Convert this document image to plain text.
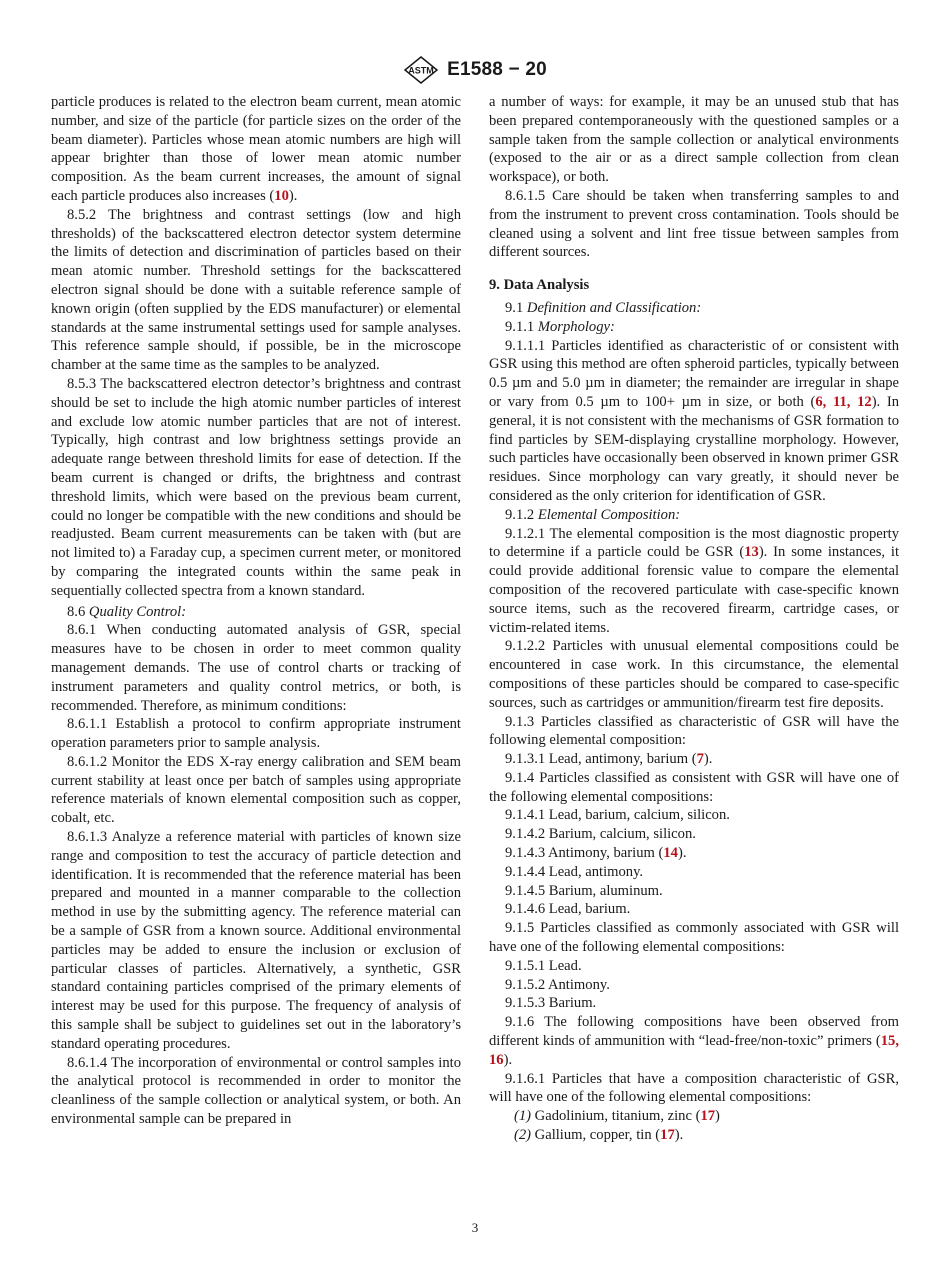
ASTM E1588 − 20

particle produces is related to the electron beam current, mean atomic number, and size of the particle (for particle sizes on the order of the beam diameter). Particles whose mean atomic numbers are high will appear brighter than those of lower mean atomic number composition. As the beam current increases, the amount of signal each particle produces also increases (10).

8.5.2 The brightness and contrast settings (low and high thresholds) of the backscattered electron detector system determine the limits of detection and discrimination of particles based on their mean atomic number. Threshold settings for the backscattered electron signal should be done with a suitable reference sample of known origin (often supplied by the EDS manufacturer) or elemental standards at the same instrumental settings used for sample analyses. This reference sample should, if possible, be in the microscope chamber at the same time as the samples to be analyzed.

8.5.3 The backscattered electron detector’s brightness and contrast should be set to include the high atomic number particles of interest and exclude low atomic number particles that are not of interest. Typically, high contrast and low brightness settings provide an adequate range between threshold limits for ease of detection. If the beam current is changed or drifts, the brightness and contrast threshold limits, which were based on the previous beam current, could no longer be compatible with the new conditions and should be readjusted. Beam current measurements can be taken with (but are not limited to) a Faraday cup, a specimen current meter, or monitored by comparing the integrated counts within the same peak in sequentially collected spectra from a known standard.

8.6 Quality Control:

8.6.1 When conducting automated analysis of GSR, special measures have to be chosen in order to meet common quality management demands. The use of control charts or tracking of instrument parameters and quality control metrics, or both, is recommended. Therefore, as minimum conditions:

8.6.1.1 Establish a protocol to confirm appropriate instrument operation parameters prior to sample analysis.

8.6.1.2 Monitor the EDS X-ray energy calibration and SEM beam current stability at least once per batch of samples using appropriate reference materials of known elemental composition such as copper, cobalt, etc.

8.6.1.3 Analyze a reference material with particles of known size range and composition to test the accuracy of particle detection and identification. It is recommended that the reference material has been prepared and mounted in a manner comparable to the collection method in use by the submitting agency. The reference material can be a sample of GSR from a known source. Additional environmental particles may be added to ensure the inclusion or exclusion of particular classes of particles. Alternatively, a synthetic, GSR standard containing particles comprised of the primary elements of interest may be used for this purpose. The frequency of analysis of this sample shall be subject to guidelines set out in the laboratory’s standard operating procedures.

8.6.1.4 The incorporation of environmental or control samples into the analytical protocol is recommended in order to monitor the cleanliness of the sample collection or analytical system, or both. An environmental sample can be prepared in

a number of ways: for example, it may be an unused stub that has been prepared contemporaneously with the questioned samples or a sample taken from the sample collection or analytical environments (exposed to the air or as a direct sample collection from clean workspace), or both.

8.6.1.5 Care should be taken when transferring samples to and from the instrument to prevent cross contamination. Tools should be cleaned using a solvent and lint free tissue between samples from different sources.

9. Data Analysis

9.1 Definition and Classification:

9.1.1 Morphology:

9.1.1.1 Particles identified as characteristic of or consistent with GSR using this method are often spheroid particles, typically between 0.5 µm and 5.0 µm in diameter; the remainder are irregular in shape or vary from 0.5 µm to 100+ µm in size, or both (6, 11, 12). In general, it is not consistent with the mechanisms of GSR formation to find particles by SEM-displaying crystalline morphology. However, such particles have occasionally been observed in known primer GSR residues. Since morphology can vary greatly, it should never be considered as the only criterion for identification of GSR.

9.1.2 Elemental Composition:

9.1.2.1 The elemental composition is the most diagnostic property to determine if a particle could be GSR (13). In some instances, it could provide additional forensic value to compare the elemental composition of the recovered particulate with case-specific known source items, such as the recovered firearm, cartridge cases, or victim-related items.

9.1.2.2 Particles with unusual elemental compositions could be encountered in case work. In this circumstance, the elemental compositions of these particles should be compared to case-specific sources, such as cartridges or ammunition/firearm test fire deposits.

9.1.3 Particles classified as characteristic of GSR will have the following elemental composition:

9.1.3.1 Lead, antimony, barium (7).

9.1.4 Particles classified as consistent with GSR will have one of the following elemental compositions:

9.1.4.1 Lead, barium, calcium, silicon.

9.1.4.2 Barium, calcium, silicon.

9.1.4.3 Antimony, barium (14).

9.1.4.4 Lead, antimony.

9.1.4.5 Barium, aluminum.

9.1.4.6 Lead, barium.

9.1.5 Particles classified as commonly associated with GSR will have one of the following elemental compositions:

9.1.5.1 Lead.

9.1.5.2 Antimony.

9.1.5.3 Barium.

9.1.6 The following compositions have been observed from different kinds of ammunition with “lead-free/non-toxic” primers (15, 16).

9.1.6.1 Particles that have a composition characteristic of GSR, will have one of the following elemental compositions:

(1) Gadolinium, titanium, zinc (17)

(2) Gallium, copper, tin (17).

3
